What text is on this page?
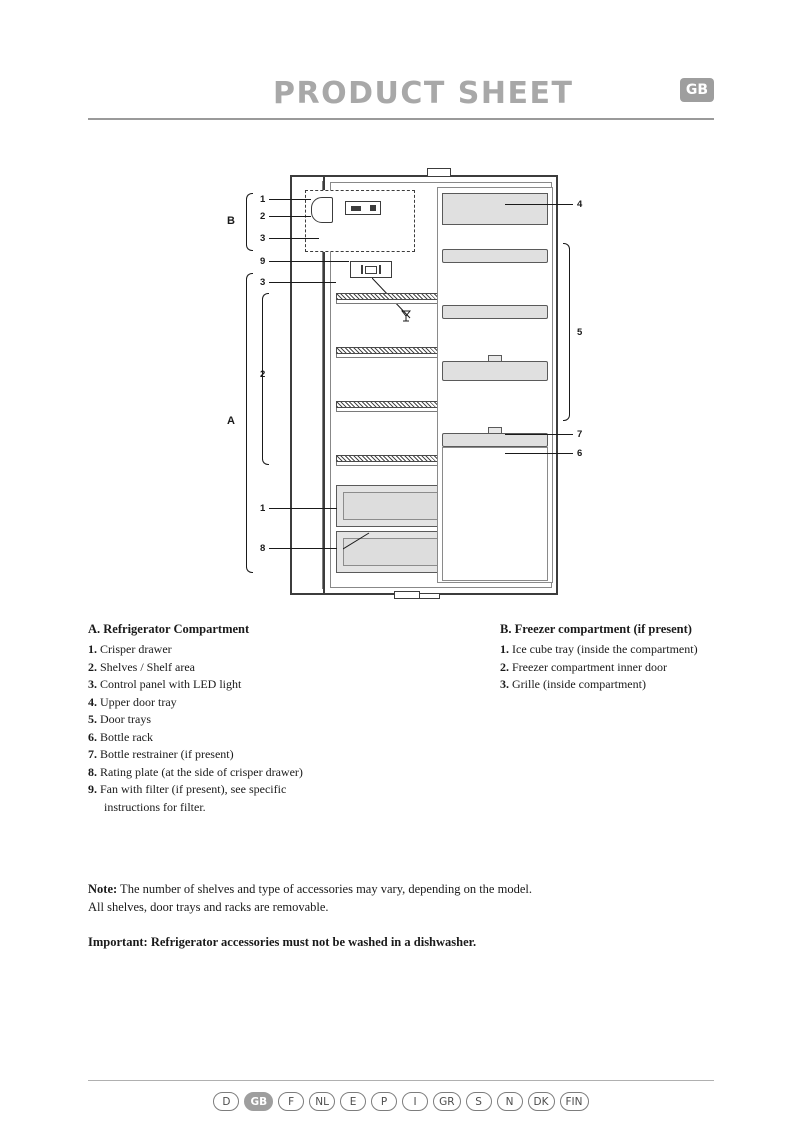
PRODUCT SHEET	GB
B
A
1
2
3
9
3
2
1
8
4
5
7
6
A. Refrigerator Compartment
1. Crisper drawer
2. Shelves / Shelf area
3. Control panel with LED light
4. Upper door tray
5. Door trays
6. Bottle rack
7. Bottle restrainer (if present)
8. Rating plate (at the side of crisper drawer)
9. Fan with filter (if present), see specific
instructions for filter.
B. Freezer compartment (if present)
1. Ice cube tray (inside the compartment)
2. Freezer compartment inner door
3. Grille (inside compartment)
Note: The number of shelves and type of accessories may vary, depending on the model.
All shelves, door trays and racks are removable.
Important: Refrigerator accessories must not be washed in a dishwasher.
D	GB	F	NL	E	P	I	GR	S	N	DK	FIN
